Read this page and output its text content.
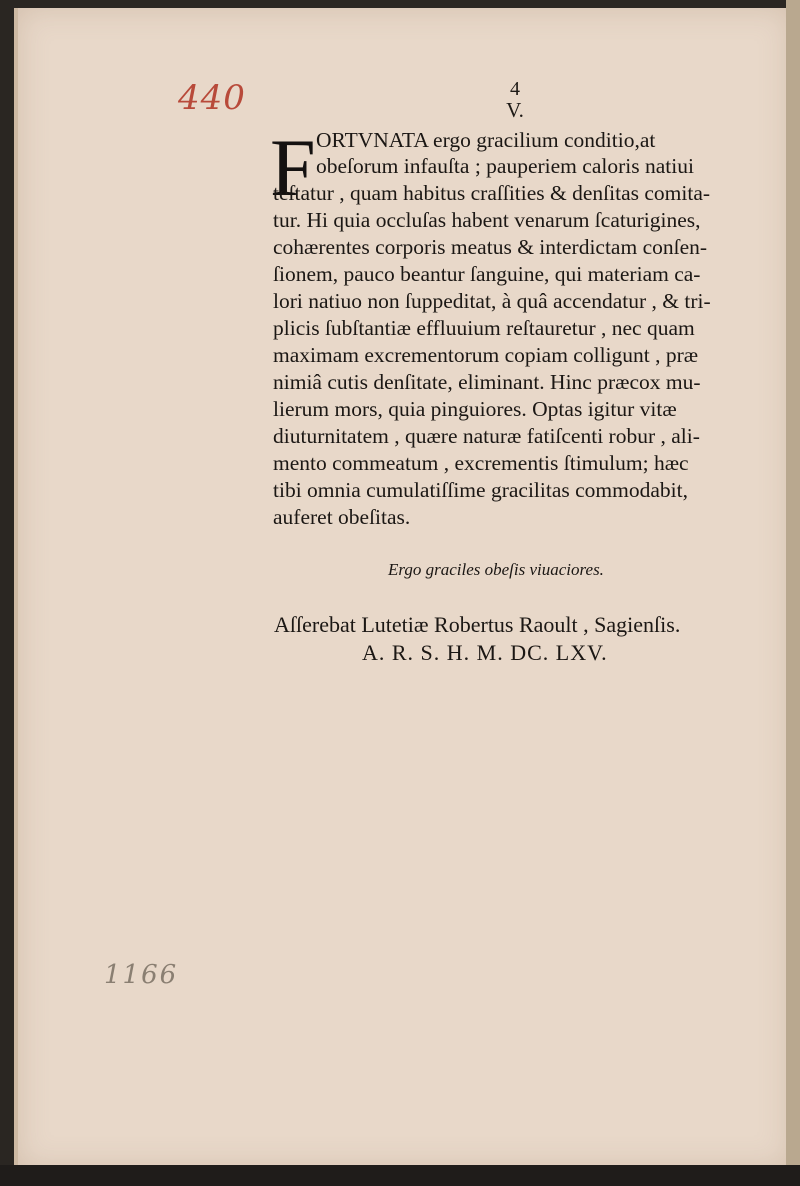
440
1166
4
V.
F ORTVNATA ergo gracilium conditio,at
obeſorum infauſta ; pauperiem caloris natiui
teſtatur , quam habitus craſſities & denſitas comita-
tur. Hi quia occluſas habent venarum ſcaturigines,
cohærentes corporis meatus & interdictam conſen-
ſionem, pauco beantur ſanguine, qui materiam ca-
lori natiuo non ſuppeditat, à quâ accendatur , & tri-
plicis ſubſtantiæ effluuium reſtauretur , nec quam
maximam excrementorum copiam colligunt , præ
nimiâ cutis denſitate, eliminant. Hinc præcox mu-
lierum mors, quia pinguiores. Optas igitur vitæ
diuturnitatem , quære naturæ fatiſcenti robur , ali-
mento commeatum , excrementis ſtimulum; hæc
tibi omnia cumulatiſſime gracilitas commodabit,
auferet obeſitas.
Ergo graciles obeſis viuaciores.
Aſſerebat Lutetiæ Robertus Raoult , Sagienſis.
A. R. S. H. M. DC. LXV.
